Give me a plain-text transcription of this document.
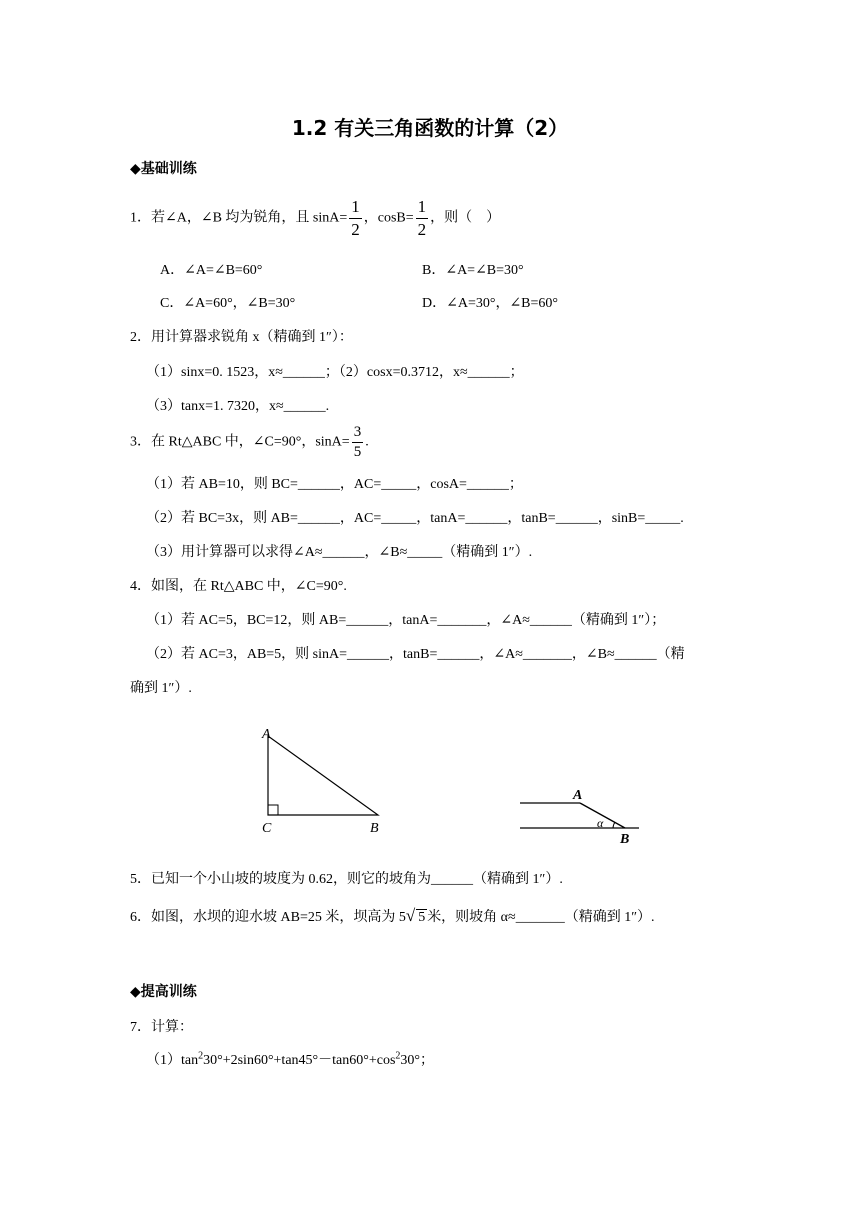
1.2 有关三角函数的计算（2）
◆基础训练
1．若∠A，∠B 均为锐角，且 $\sin A= \frac{1}{2}$ ，$\cos B= \frac{1}{2}$ ，则（　）
A．∠A=∠B=60°	B．∠A=∠B=30°
C．∠A=60°，∠B=30°	D．∠A=30°，∠B=60°
2．用计算器求锐角 x（精确到 1″）：
（1）sinx=0. 1523，x≈______；（2）cosx=0.3712，x≈______；
（3）tanx=1. 7320，x≈______.
3．在 Rt△ABC 中，∠C=90°，$\sin A= \frac{3}{5}$ .
（1）若 AB=10，则 BC=______，AC=_____，cosA=______；
（2）若 BC=3x，则 AB=______，AC=_____，tanA=______，tanB=______，sinB=_____.
（3）用计算器可以求得∠A≈______，∠B≈_____（精确到 1″）.
4．如图，在 Rt△ABC 中，∠C=90°.
（1）若 AC=5，BC=12，则 AB=______，tanA=_______，∠A≈______（精确到 1″）；
（2）若 AC=3，AB=5，则 sinA=______，tanB=______，∠A≈_______，∠B≈______（精
确到 1″）.
A
C	B
A
B
α
5．已知一个小山坡的坡度为 0.62，则它的坡角为______（精确到 1″）.
6．如图，水坝的迎水坡 AB=25 米，坝高为 5√ 5 米，则坡角 α≈_______（精确到 1″）.
◆提高训练
7．计算：
$(1)\tan^230^\circ+2\sin 60^\circ+\tan 45^\circ-\tan 60^\circ+\cos^230^\circ$；
